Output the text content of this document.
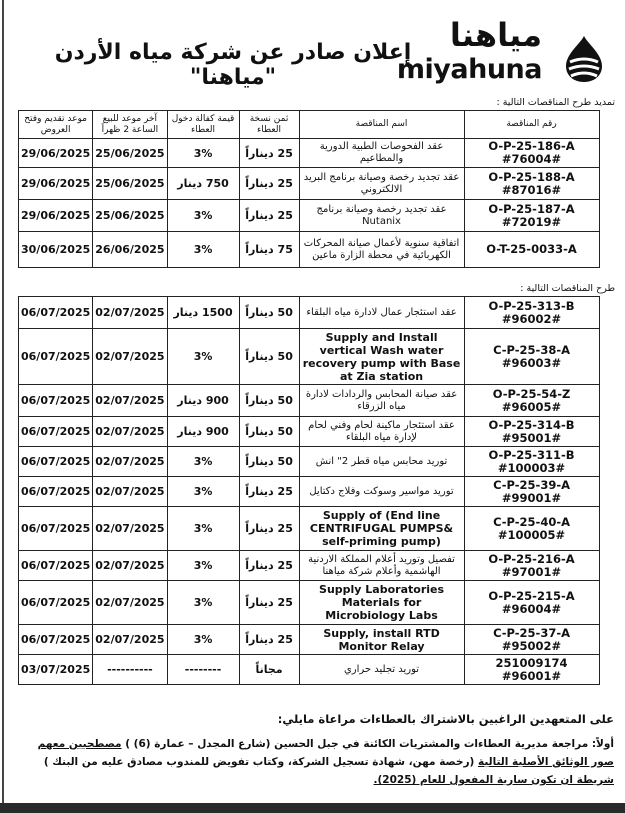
إعلان صادر عن شركة مياه الأردن "مياهنا"
مياهنا
miyahuna
تمديد طرح المناقصات التالية :
موعد تقديم وفتح العروض	آخر موعد للبيع الساعة 2 ظهراً	قيمة كفالة دخول العطاء	ثمن نسخة العطاء	اسم المناقصة	رقم المناقصة
29/06/2025	25/06/2025	3%	25 ديناراً	عقد الفحوصات الطبية الدورية والمطاعيم	O-P-25-186-A #76004#
29/06/2025	25/06/2025	750 دينار	25 ديناراً	عقد تجديد رخصة وصيانة برنامج البريد الالكتروني	O-P-25-188-A #87016#
29/06/2025	25/06/2025	3%	25 ديناراً	عقد تجديد رخصة وصيانة برنامج Nutanix	O-P-25-187-A #72019#
30/06/2025	26/06/2025	3%	75 ديناراً	اتفاقية سنوية لأعمال صيانة المحركات الكهربائية في محطة الزارة ماعين	O-T-25-0033-A
طرح المناقصات التالية :
06/07/2025	02/07/2025	1500 دينار	50 ديناراً	عقد استئجار عمال لادارة مياه البلقاء	O-P-25-313-B #96002#
06/07/2025	02/07/2025	3%	50 ديناراً	Supply and Install vertical Wash water recovery pump with Base at Zia station	C-P-25-38-A #96003#
06/07/2025	02/07/2025	900 دينار	50 ديناراً	عقد صيانة المحابس والردادات لادارة مياه الزرقاء	O-P-25-54-Z #96005#
06/07/2025	02/07/2025	900 دينار	50 ديناراً	عقد استئجار ماكينة لحام وفني لحام لإدارة مياه البلقاء	O-P-25-314-B #95001#
06/07/2025	02/07/2025	3%	50 ديناراً	توريد محابس مياه قطر 2" انش	O-P-25-311-B #100003#
06/07/2025	02/07/2025	3%	25 ديناراً	توريد مواسير وسوكت وفلاج دكتايل	C-P-25-39-A #99001#
06/07/2025	02/07/2025	3%	25 ديناراً	Supply of (End line CENTRIFUGAL PUMPS& self-priming pump)	C-P-25-40-A #100005#
06/07/2025	02/07/2025	3%	25 ديناراً	تفصيل وتوريد أعلام المملكة الاردنية الهاشمية وأعلام شركة مياهنا	O-P-25-216-A #97001#
06/07/2025	02/07/2025	3%	25 ديناراً	Supply Laboratories Materials for Microbiology Labs	O-P-25-215-A #96004#
06/07/2025	02/07/2025	3%	25 ديناراً	Supply, install RTD Monitor Relay	C-P-25-37-A #95002#
03/07/2025	----------	--------	مجاناً	توريد تجليد حراري	251009174 #96001#
على المتعهدين الراغبين بالاشتراك بالعطاءات مراعاة مايلي:
أولاً: مراجعة مديرية العطاءات والمشتريات الكائنة في جبل الحسين (شارع المجدل – عمارة (6) ) مصطحبين معهم صور الوثائق الأصلية التالية (رخصة مهن، شهادة تسجيل الشركة، وكتاب تفويض للمندوب مصادق عليه من البنك ) شريطة ان تكون سارية المفعول للعام (2025).
